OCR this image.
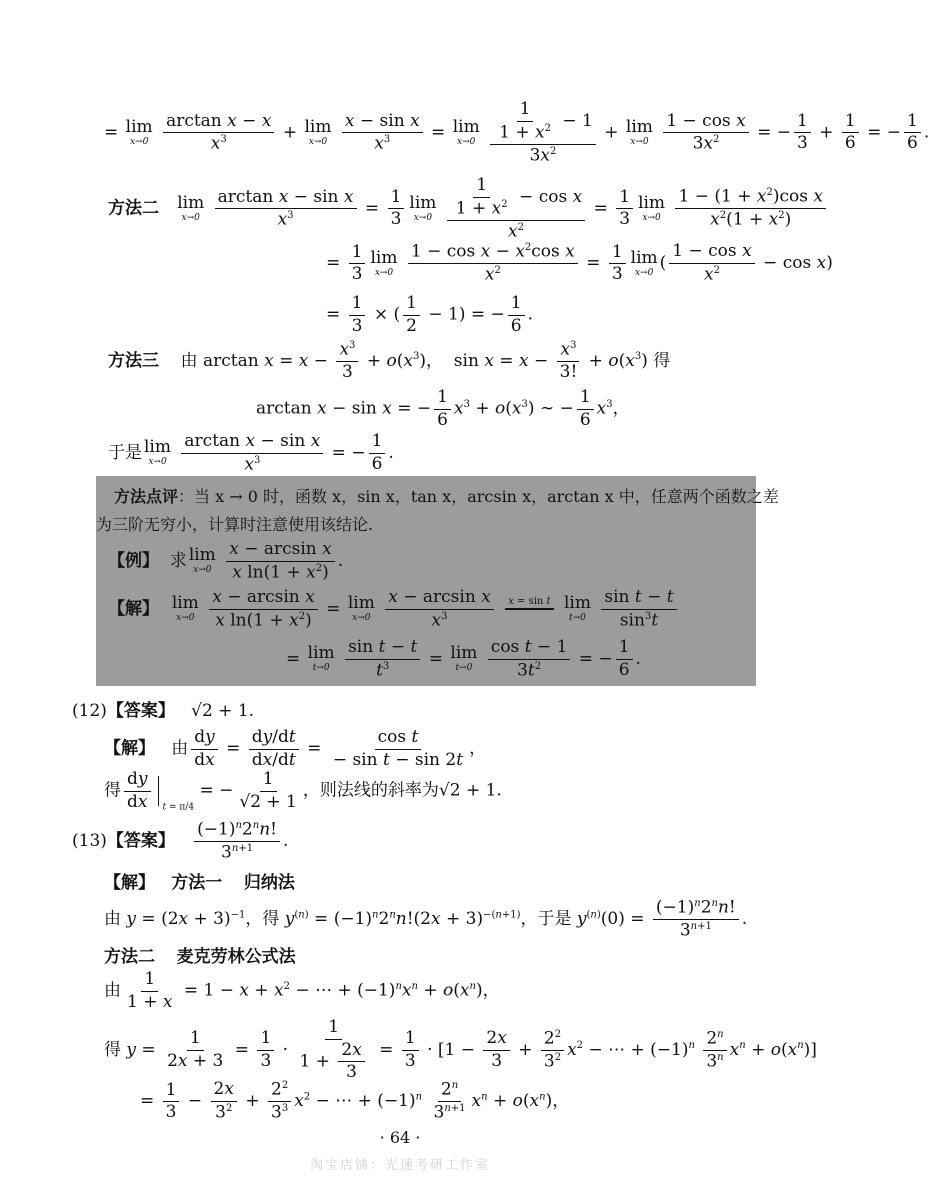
= lim
x→0
$\frac{\text{arctan x − x}}{x^3} + \lim$
x→0
$\frac{\text{x − sin x}}{x^3} = \lim$
x→0
$\frac{\frac{1}{1 + x^2} - 1}{3x^2} + \lim$
x→0
$\frac{\text{1 − cos x}}{3x^2}$ = − $\frac{1}{3} + \frac{1}{6}$ = − $\frac{1}{6}$ .
方法二 lim
x→0
$\frac{\text{arctan x − sin x}}{x^3} = \frac{1}{3}$ lim
x→0
$\frac{\frac{1}{1 + x^2} - \cos x}{x^2} = \frac{1}{3}$ lim
x→0
$\frac{1 - (1 + x^2)\cos x}{x^2(1 + x^2)}$
= $\frac{1}{3}$ lim
x→0
$\frac{1 - \cos x - x^2\cos x}{x^2} = \frac{1}{3}$ lim
x→0 ( $\frac{\text{1 − cos x}}{x^2} - \cos x$)
= $\frac{1}{3}$ × ( $\frac{1}{2} - 1$) = − $\frac{1}{6}$ .
方法三 由 $\arctan x = x - \frac{x^3}{3} + o(x^3)$，  $\sin x = x - \frac{x^3}{3!} + o(x^3)$ 得
arctan x − sin x = − $\frac{1}{6} x^3 + o(x^3)$ ∼ − $\frac{1}{6} x^3$，
于是 lim
x→0
$\frac{\text{arctan x − sin x}}{x^3}$ = − $\frac{1}{6}$ .
方法点评：当 x → 0 时，函数 x，sin x，tan x，arcsin x，arctan x 中，任意两个函数之差
为三阶无穷小，计算时注意使用该结论.
【例】 求 lim
x→0
$\frac{\text{x − arcsin x}}{x \ln(1 + x^2)}$ .
【解】 lim
x→0
$\frac{\text{x − arcsin x}}{x \ln(1 + x^2)} = \lim$
x→0
$\frac{\text{x − arcsin x}}{x^3}$
	x = sin t

lim
t→0
$\frac{\text{sin t − t}}{\sin^3t}$
= lim
t→0
$\frac{\text{sin t − t}}{t^3} = \lim$
t→0
$\frac{\text{cos t − 1}}{3t^2}$ = − $\frac{1}{6}$ .
(12)【答案】 √2 + 1.
【解】 由 $\frac{dy}{dx} = \frac{dy/dt}{dx/dt} = \frac{\text{cos t}}{\text{− sin t − sin 2t}}$ ，
得 $\frac{dy}{dx} _{t = \pi/4}$ = − $\frac{1}{√2 + 1}$ ，则法线的斜率为√2 + 1.
(13)【答案】 $\frac{(-1)^n2^nn!}{3^{n+1}}$ .
【解】 方法一 归纳法
由 $y = (2x + 3)^{-1}$，得 $y^{(n)} = (-1)^n2^nn!(2x + 3)^{-(n+1)}$，于是 $y^{(n)}(0) = \frac{(-1)^n2^nn!}{3^{n+1}}$ .
方法二 麦克劳林公式法
由 $\frac{1}{1 + x} = 1 - x + x^2$ − ⋯ + $(-1)^nx^n + o(x^n)$，
得 $y = \frac{1}{2x + 3} = \frac{1}{3} \cdot \frac{1}{1 + \frac{2x}{3}} = \frac{1}{3} \cdot [1 - \frac{2x}{3} + \frac{2^2}{3^2} x^2$ − ⋯ + $(-1)^n \frac{2^n}{3^n} x^n + o(x^n)$]
= $\frac{1}{3} - \frac{2x}{3^2} + \frac{2^2}{3^3} x^2$ − ⋯ + $(-1)^n \frac{2^n}{3^{n+1}} x^n + o(x^n)$，
· 64 ·
淘宝店铺：光速考研工作室
